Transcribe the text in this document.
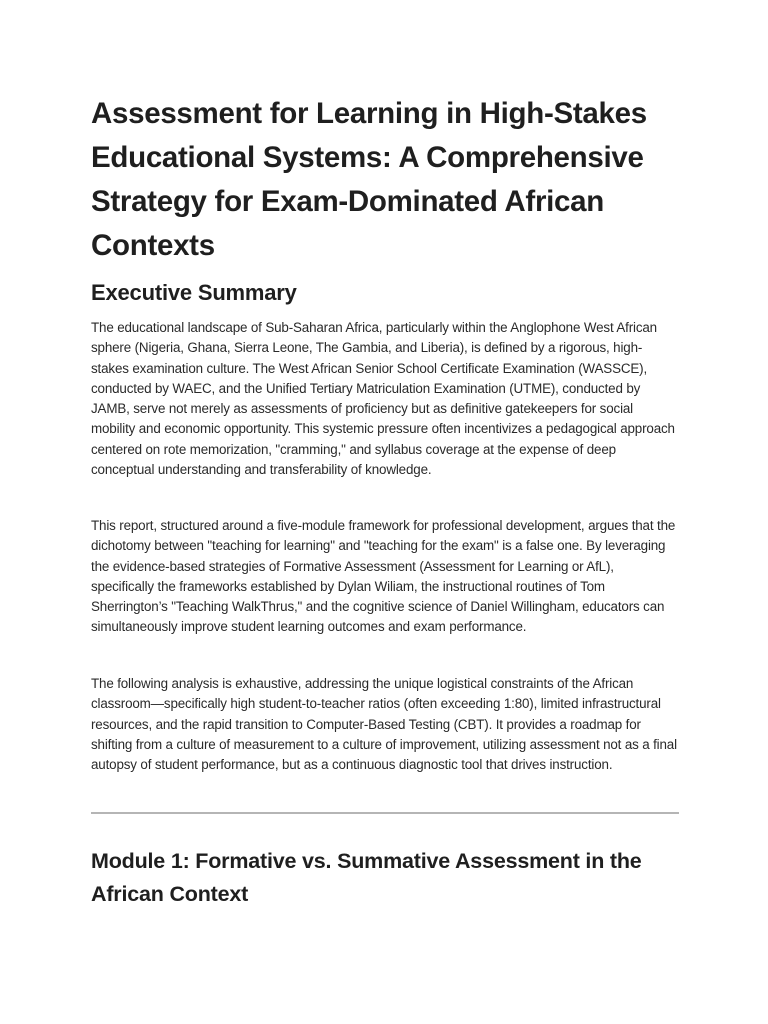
Assessment for Learning in High-Stakes Educational Systems: A Comprehensive Strategy for Exam-Dominated African Contexts
Executive Summary

The educational landscape of Sub-Saharan Africa, particularly within the Anglophone West African sphere (Nigeria, Ghana, Sierra Leone, The Gambia, and Liberia), is defined by a rigorous, high-stakes examination culture. The West African Senior School Certificate Examination (WASSCE), conducted by WAEC, and the Unified Tertiary Matriculation Examination (UTME), conducted by JAMB, serve not merely as assessments of proficiency but as definitive gatekeepers for social mobility and economic opportunity. This systemic pressure often incentivizes a pedagogical approach centered on rote memorization, "cramming," and syllabus coverage at the expense of deep conceptual understanding and transferability of knowledge.

This report, structured around a five-module framework for professional development, argues that the dichotomy between "teaching for learning" and "teaching for the exam" is a false one. By leveraging the evidence-based strategies of Formative Assessment (Assessment for Learning or AfL), specifically the frameworks established by Dylan Wiliam, the instructional routines of Tom Sherrington’s "Teaching WalkThrus," and the cognitive science of Daniel Willingham, educators can simultaneously improve student learning outcomes and exam performance.

The following analysis is exhaustive, addressing the unique logistical constraints of the African classroom—specifically high student-to-teacher ratios (often exceeding 1:80), limited infrastructural resources, and the rapid transition to Computer-Based Testing (CBT). It provides a roadmap for shifting from a culture of measurement to a culture of improvement, utilizing assessment not as a final autopsy of student performance, but as a continuous diagnostic tool that drives instruction.

Module 1: Formative vs. Summative Assessment in the African Context
